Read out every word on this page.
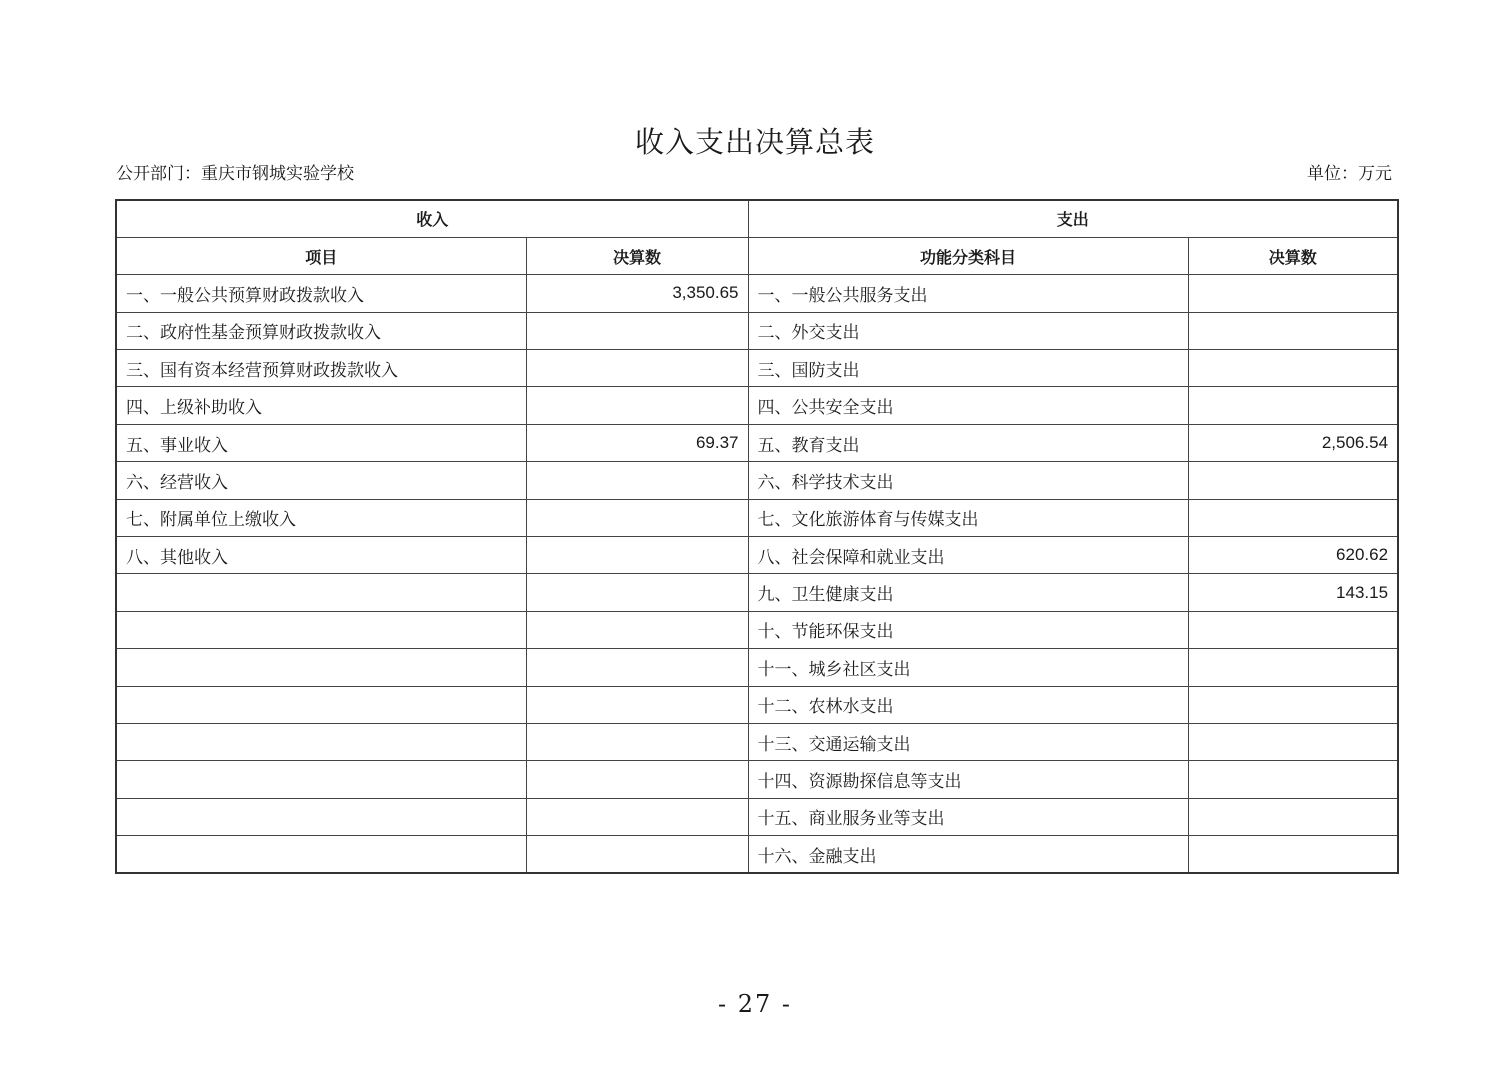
收入支出决算总表
公开部门：重庆市钢城实验学校	单位：万元
收入		支出	
项目	决算数	功能分类科目	决算数
一、一般公共预算财政拨款收入	3,350.65	一、一般公共服务支出	
二、政府性基金预算财政拨款收入		二、外交支出	
三、国有资本经营预算财政拨款收入		三、国防支出	
四、上级补助收入		四、公共安全支出	
五、事业收入	69.37	五、教育支出	2,506.54
六、经营收入		六、科学技术支出	
七、附属单位上缴收入		七、文化旅游体育与传媒支出	
八、其他收入		八、社会保障和就业支出	620.62
		九、卫生健康支出	143.15
		十、节能环保支出	
		十一、城乡社区支出	
		十二、农林水支出	
		十三、交通运输支出	
		十四、资源勘探信息等支出	
		十五、商业服务业等支出	
		十六、金融支出	
- 27 -
